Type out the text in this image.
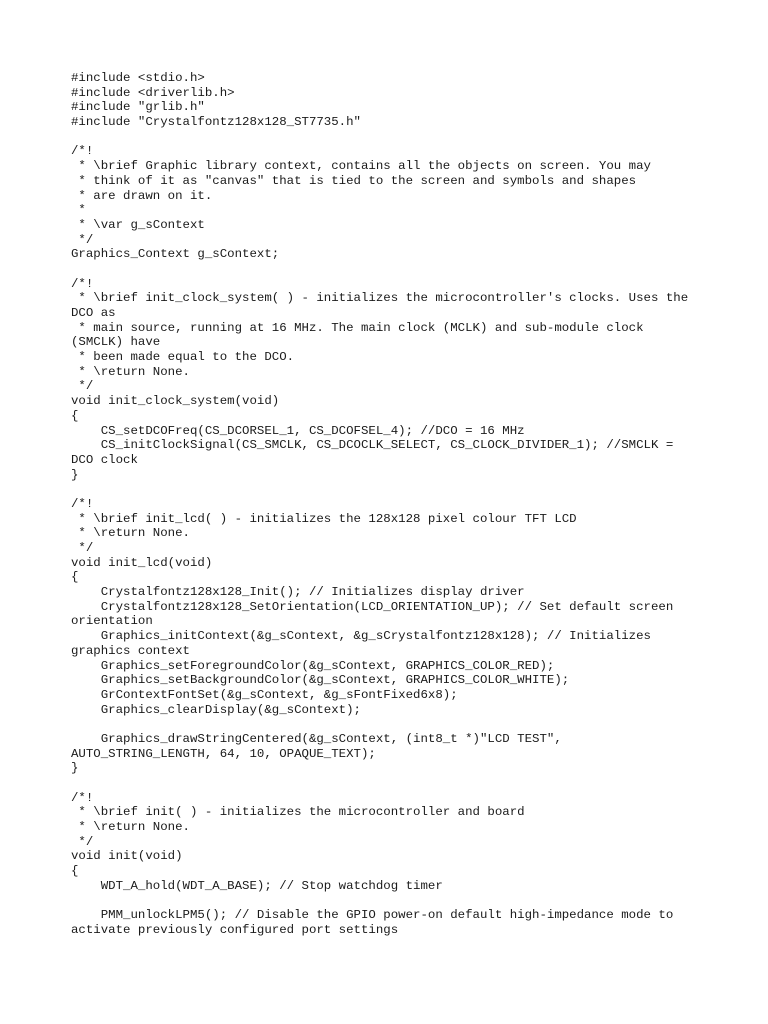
#include <stdio.h>
#include <driverlib.h>
#include "grlib.h"
#include "Crystalfontz128x128_ST7735.h"
/*!
* \brief Graphic library context, contains all the objects on screen. You may
* think of it as "canvas" that is tied to the screen and symbols and shapes
* are drawn on it.
*
* \var g_sContext
*/
Graphics_Context g_sContext;
/*!
* \brief init_clock_system( ) - initializes the microcontroller's clocks. Uses the
DCO as
* main source, running at 16 MHz. The main clock (MCLK) and sub-module clock
(SMCLK) have
* been made equal to the DCO.
* \return None.
*/
void init_clock_system(void)
{
CS_setDCOFreq(CS_DCORSEL_1, CS_DCOFSEL_4); //DCO = 16 MHz
CS_initClockSignal(CS_SMCLK, CS_DCOCLK_SELECT, CS_CLOCK_DIVIDER_1); //SMCLK =
DCO clock
}
/*!
* \brief init_lcd( ) - initializes the 128x128 pixel colour TFT LCD
* \return None.
*/
void init_lcd(void)
{
Crystalfontz128x128_Init(); // Initializes display driver
Crystalfontz128x128_SetOrientation(LCD_ORIENTATION_UP); // Set default screen
orientation
Graphics_initContext(&g_sContext, &g_sCrystalfontz128x128); // Initializes
graphics context
Graphics_setForegroundColor(&g_sContext, GRAPHICS_COLOR_RED);
Graphics_setBackgroundColor(&g_sContext, GRAPHICS_COLOR_WHITE);
GrContextFontSet(&g_sContext, &g_sFontFixed6x8);
Graphics_clearDisplay(&g_sContext);
Graphics_drawStringCentered(&g_sContext, (int8_t *)"LCD TEST",
AUTO_STRING_LENGTH, 64, 10, OPAQUE_TEXT);
}
/*!
* \brief init( ) - initializes the microcontroller and board
* \return None.
*/
void init(void)
{
WDT_A_hold(WDT_A_BASE); // Stop watchdog timer
PMM_unlockLPM5(); // Disable the GPIO power-on default high-impedance mode to
activate previously configured port settings
